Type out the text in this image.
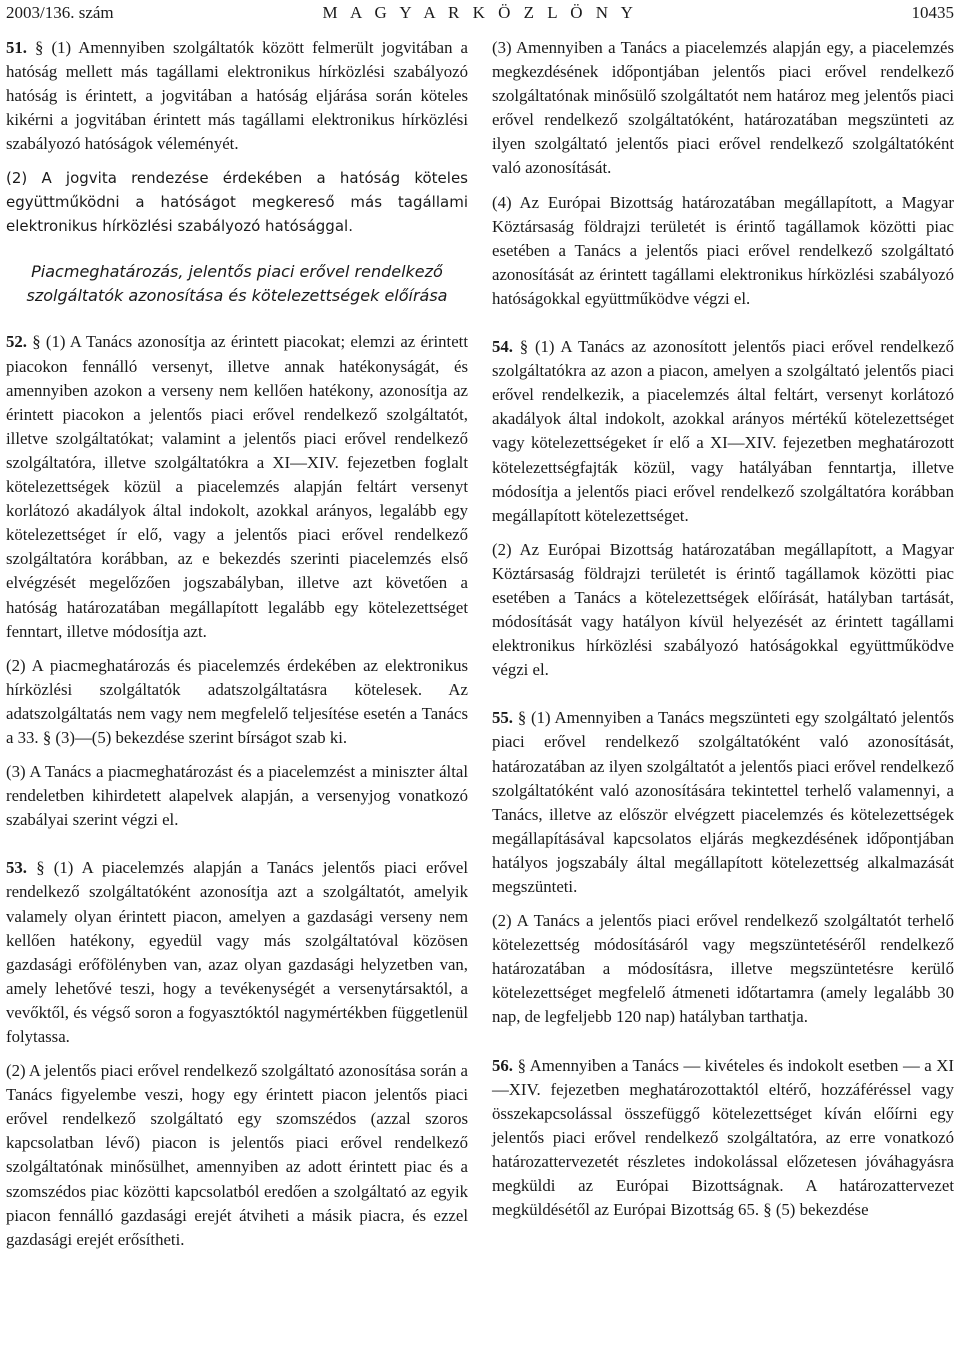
2003/136. szám	M A G Y A R K Ö Z L Ö N Y	10435

51. § (1) Amennyiben szolgáltatók között felmerült jogvitában a hatóság mellett más tagállami elektronikus hírközlési szabályozó hatóság is érintett, a jogvitában a hatóság eljárása során köteles kikérni a jogvitában érintett más tagállami elektronikus hírközlési szabályozó hatóságok véleményét.

(2) A jogvita rendezése érdekében a hatóság köteles együttműködni a hatóságot megkereső más tagállami elektronikus hírközlési szabályozó hatósággal.

Piacmeghatározás, jelentős piaci erővel rendelkező szolgáltatók azonosítása és kötelezettségek előírása

52. § (1) A Tanács azonosítja az érintett piacokat; elemzi az érintett piacokon fennálló versenyt, illetve annak hatékonyságát, és amennyiben azokon a verseny nem kellően hatékony, azonosítja az érintett piacokon a jelentős piaci erővel rendelkező szolgáltatót, illetve szolgáltatókat; valamint a jelentős piaci erővel rendelkező szolgáltatóra, illetve szolgáltatókra a XI—XIV. fejezetben foglalt kötelezettségek közül a piacelemzés alapján feltárt versenyt korlátozó akadályok által indokolt, azokkal arányos, legalább egy kötelezettséget ír elő, vagy a jelentős piaci erővel rendelkező szolgáltatóra korábban, az e bekezdés szerinti piacelemzés első elvégzését megelőzően jogszabályban, illetve azt követően a hatóság határozatában megállapított legalább egy kötelezettséget fenntart, illetve módosítja azt.

(2) A piacmeghatározás és piacelemzés érdekében az elektronikus hírközlési szolgáltatók adatszolgáltatásra kötelesek. Az adatszolgáltatás nem vagy nem megfelelő teljesítése esetén a Tanács a 33. § (3)—(5) bekezdése szerint bírságot szab ki.

(3) A Tanács a piacmeghatározást és a piacelemzést a miniszter által rendeletben kihirdetett alapelvek alapján, a versenyjog vonatkozó szabályai szerint végzi el.

53. § (1) A piacelemzés alapján a Tanács jelentős piaci erővel rendelkező szolgáltatóként azonosítja azt a szolgáltatót, amelyik valamely olyan érintett piacon, amelyen a gazdasági verseny nem kellően hatékony, egyedül vagy más szolgáltatóval közösen gazdasági erőfölényben van, azaz olyan gazdasági helyzetben van, amely lehetővé teszi, hogy a tevékenységét a versenytársaktól, a vevőktől, és végső soron a fogyasztóktól nagymértékben függetlenül folytassa.

(2) A jelentős piaci erővel rendelkező szolgáltató azonosítása során a Tanács figyelembe veszi, hogy egy érintett piacon jelentős piaci erővel rendelkező szolgáltató egy szomszédos (azzal szoros kapcsolatban lévő) piacon is jelentős piaci erővel rendelkező szolgáltatónak minősülhet, amennyiben az adott érintett piac és a szomszédos piac közötti kapcsolatból eredően a szolgáltató az egyik piacon fennálló gazdasági erejét átviheti a másik piacra, és ezzel gazdasági erejét erősítheti.

(3) Amennyiben a Tanács a piacelemzés alapján egy, a piacelemzés megkezdésének időpontjában jelentős piaci erővel rendelkező szolgáltatónak minősülő szolgáltatót nem határoz meg jelentős piaci erővel rendelkező szolgáltatóként, határozatában megszünteti az ilyen szolgáltató jelentős piaci erővel rendelkező szolgáltatóként való azonosítását.

(4) Az Európai Bizottság határozatában megállapított, a Magyar Köztársaság földrajzi területét is érintő tagállamok közötti piac esetében a Tanács a jelentős piaci erővel rendelkező szolgáltató azonosítását az érintett tagállami elektronikus hírközlési szabályozó hatóságokkal együttműködve végzi el.

54. § (1) A Tanács az azonosított jelentős piaci erővel rendelkező szolgáltatókra az azon a piacon, amelyen a szolgáltató jelentős piaci erővel rendelkezik, a piacelemzés által feltárt, versenyt korlátozó akadályok által indokolt, azokkal arányos mértékű kötelezettséget vagy kötelezettségeket ír elő a XI—XIV. fejezetben meghatározott kötelezettségfajták közül, vagy hatályában fenntartja, illetve módosítja a jelentős piaci erővel rendelkező szolgáltatóra korábban megállapított kötelezettséget.

(2) Az Európai Bizottság határozatában megállapított, a Magyar Köztársaság földrajzi területét is érintő tagállamok közötti piac esetében a Tanács a kötelezettségek előírását, hatályban tartását, módosítását vagy hatályon kívül helyezését az érintett tagállami elektronikus hírközlési szabályozó hatóságokkal együttműködve végzi el.

55. § (1) Amennyiben a Tanács megszünteti egy szolgáltató jelentős piaci erővel rendelkező szolgáltatóként való azonosítását, határozatában az ilyen szolgáltatót a jelentős piaci erővel rendelkező szolgáltatóként való azonosítására tekintettel terhelő valamennyi, a Tanács, illetve az először elvégzett piacelemzés és kötelezettségek megállapításával kapcsolatos eljárás megkezdésének időpontjában hatályos jogszabály által megállapított kötelezettség alkalmazását megszünteti.

(2) A Tanács a jelentős piaci erővel rendelkező szolgáltatót terhelő kötelezettség módosításáról vagy megszüntetéséről rendelkező határozatában a módosításra, illetve megszüntetésre kerülő kötelezettséget megfelelő átmeneti időtartamra (amely legalább 30 nap, de legfeljebb 120 nap) hatályban tarthatja.

56. § Amennyiben a Tanács — kivételes és indokolt esetben — a XI—XIV. fejezetben meghatározottaktól eltérő, hozzáféréssel vagy összekapcsolással összefüggő kötelezettséget kíván előírni egy jelentős piaci erővel rendelkező szolgáltatóra, az erre vonatkozó határozattervezetét részletes indokolással előzetesen jóváhagyásra megküldi az Európai Bizottságnak. A határozattervezet megküldésétől az Európai Bizottság 65. § (5) bekezdése
